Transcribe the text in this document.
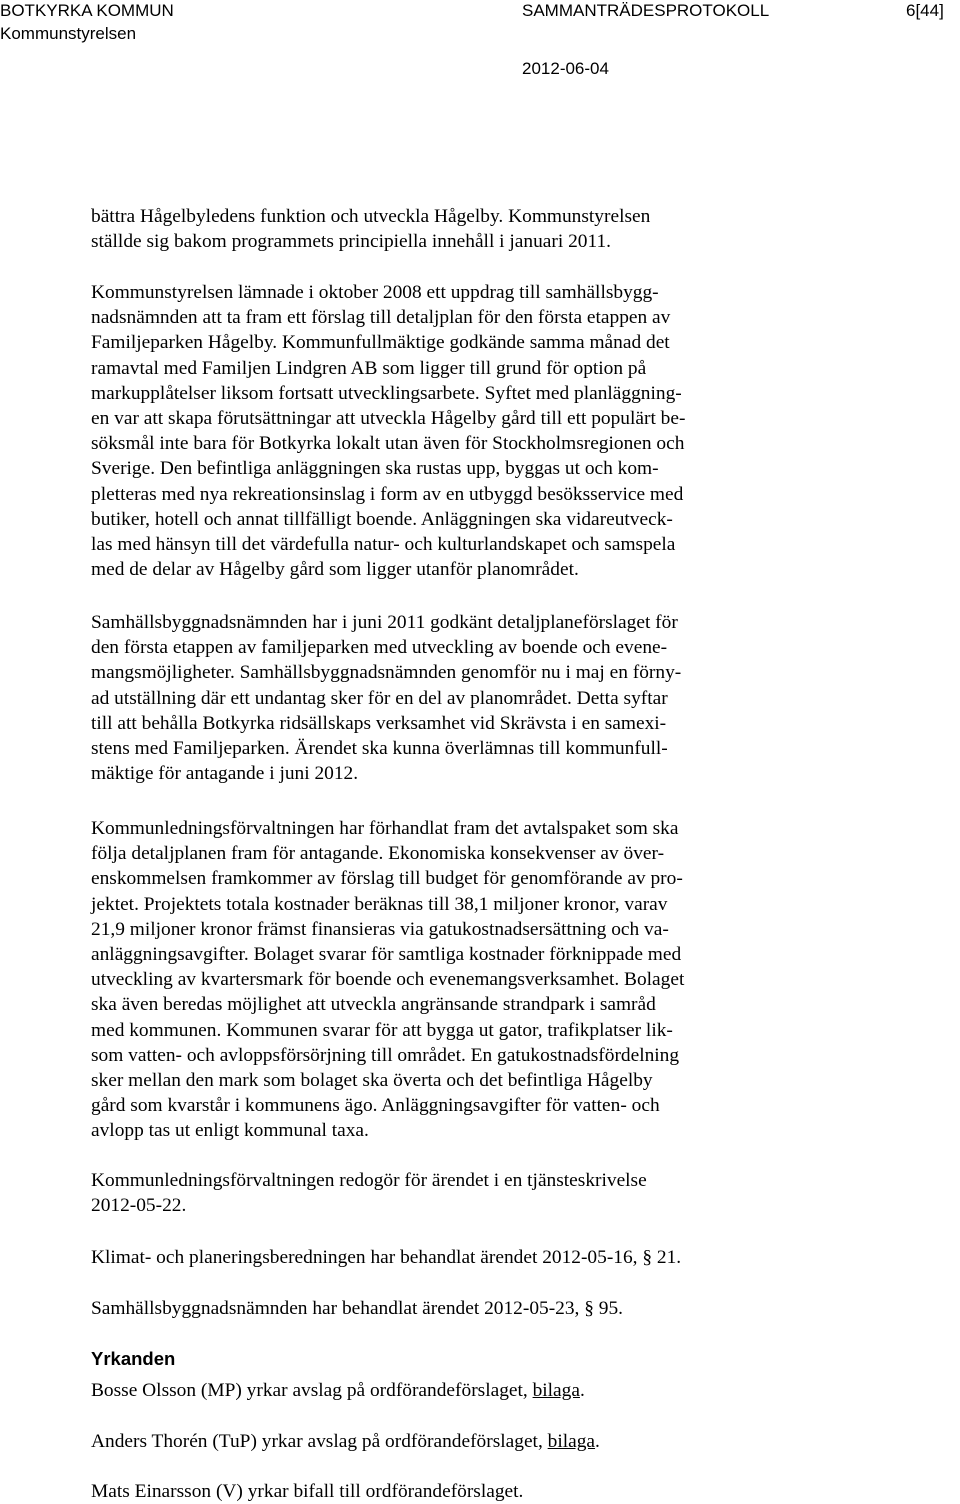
BOTKYRKA KOMMUN
Kommunstyrelsen
SAMMANTRÄDESPROTOKOLL	6[44]
2012-06-04

bättra Hågelbyledens funktion och utveckla Hågelby. Kommunstyrelsen
ställde sig bakom programmets principiella innehåll i januari 2011.

Kommunstyrelsen lämnade i oktober 2008 ett uppdrag till samhällsbygg-
nadsnämnden att ta fram ett förslag till detaljplan för den första etappen av
Familjeparken Hågelby. Kommunfullmäktige godkände samma månad det
ramavtal med Familjen Lindgren AB som ligger till grund för option på
markupplåtelser liksom fortsatt utvecklingsarbete. Syftet med planläggning-
en var att skapa förutsättningar att utveckla Hågelby gård till ett populärt be-
söksmål inte bara för Botkyrka lokalt utan även för Stockholmsregionen och
Sverige. Den befintliga anläggningen ska rustas upp, byggas ut och kom-
pletteras med nya rekreationsinslag i form av en utbyggd besöksservice med
butiker, hotell och annat tillfälligt boende. Anläggningen ska vidareutveck-
las med hänsyn till det värdefulla natur- och kulturlandskapet och samspela
med de delar av Hågelby gård som ligger utanför planområdet.

Samhällsbyggnadsnämnden har i juni 2011 godkänt detaljplaneförslaget för
den första etappen av familjeparken med utveckling av boende och evene-
mangsmöjligheter. Samhällsbyggnadsnämnden genomför nu i maj en förny-
ad utställning där ett undantag sker för en del av planområdet. Detta syftar
till att behålla Botkyrka ridsällskaps verksamhet vid Skrävsta i en samexi-
stens med Familjeparken. Ärendet ska kunna överlämnas till kommunfull-
mäktige för antagande i juni 2012.

Kommunledningsförvaltningen har förhandlat fram det avtalspaket som ska
följa detaljplanen fram för antagande. Ekonomiska konsekvenser av över-
enskommelsen framkommer av förslag till budget för genomförande av pro-
jektet. Projektets totala kostnader beräknas till 38,1 miljoner kronor, varav
21,9 miljoner kronor främst finansieras via gatukostnadsersättning och va-
anläggningsavgifter. Bolaget svarar för samtliga kostnader förknippade med
utveckling av kvartersmark för boende och evenemangsverksamhet. Bolaget
ska även beredas möjlighet att utveckla angränsande strandpark i samråd
med kommunen. Kommunen svarar för att bygga ut gator, trafikplatser lik-
som vatten- och avloppsförsörjning till området. En gatukostnadsfördelning
sker mellan den mark som bolaget ska överta och det befintliga Hågelby
gård som kvarstår i kommunens ägo. Anläggningsavgifter för vatten- och
avlopp tas ut enligt kommunal taxa.

Kommunledningsförvaltningen redogör för ärendet i en tjänsteskrivelse
2012-05-22.

Klimat- och planeringsberedningen har behandlat ärendet 2012-05-16, § 21.
Samhällsbyggnadsnämnden har behandlat ärendet 2012-05-23, § 95.
Yrkanden
Bosse Olsson (MP) yrkar avslag på ordförandeförslaget, bilaga.
Anders Thorén (TuP) yrkar avslag på ordförandeförslaget, bilaga.
Mats Einarsson (V) yrkar bifall till ordförandeförslaget.
